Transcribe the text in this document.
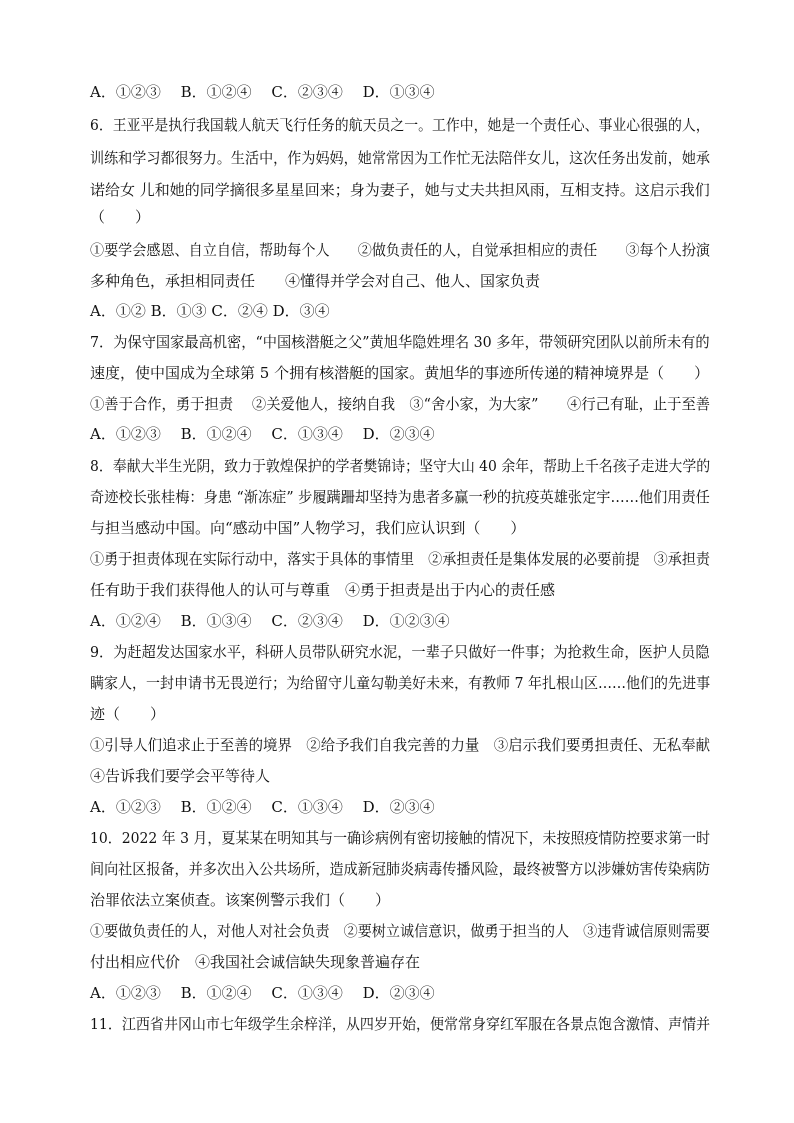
A．①②③　 B．①②④　 C．②③④　 D．①③④
6．王亚平是执行我国载人航天飞行任务的航天员之一。工作中，她是一个责任心、事业心很强的人，
训练和学习都很努力。生活中，作为妈妈，她常常因为工作忙无法陪伴女儿，这次任务出发前，她承
诺给女 儿和她的同学摘很多星星回来；身为妻子，她与丈夫共担风雨，互相支持。这启示我们
（　　）
①要学会感恩、自立自信，帮助每个人　　②做负责任的人，自觉承担相应的责任　　③每个人扮演
多种角色，承担相同责任　　④懂得并学会对自己、他人、国家负责
A．①② B．①③ C．②④ D．③④
7．为保守国家最高机密，“中国核潜艇之父”黄旭华隐姓埋名 30 多年，带领研究团队以前所未有的
速度，使中国成为全球第 5 个拥有核潜艇的国家。黄旭华的事迹所传递的精神境界是（　　）
①善于合作，勇于担责　 ②关爱他人，接纳自我　③“舍小家，为大家”　　④行己有耻，止于至善
A．①②③　 B．①②④　 C．①③④　 D．②③④
8．奉献大半生光阴，致力于敦煌保护的学者樊锦诗；坚守大山 40 余年，帮助上千名孩子走进大学的
奇迹校长张桂梅：身患 “渐冻症” 步履蹒跚却坚持为患者多赢一秒的抗疫英雄张定宇……他们用责任
与担当感动中国。向“感动中国”人物学习，我们应认识到（　　）
①勇于担责体现在实际行动中，落实于具体的事情里　②承担责任是集体发展的必要前提　③承担责
任有助于我们获得他人的认可与尊重　④勇于担责是出于内心的责任感
A．①②④　 B．①③④　 C．②③④　 D．①②③④
9．为赶超发达国家水平，科研人员带队研究水泥，一辈子只做好一件事；为抢救生命，医护人员隐
瞒家人，一封申请书无畏逆行；为给留守儿童勾勒美好未来，有教师 7 年扎根山区……他们的先进事
迹（　　）
①引导人们追求止于至善的境界　②给予我们自我完善的力量　③启示我们要勇担责任、无私奉献
④告诉我们要学会平等待人
A．①②③　 B．①②④　 C．①③④　 D．②③④
10．2022 年 3 月，夏某某在明知其与一确诊病例有密切接触的情况下，未按照疫情防控要求第一时
间向社区报备，并多次出入公共场所，造成新冠肺炎病毒传播风险，最终被警方以涉嫌妨害传染病防
治罪依法立案侦查。该案例警示我们（　　）
①要做负责任的人，对他人对社会负责　②要树立诚信意识，做勇于担当的人　③违背诚信原则需要
付出相应代价　④我国社会诚信缺失现象普遍存在
A．①②③　 B．①②④　 C．①③④　 D．②③④
11．江西省井冈山市七年级学生余梓洋，从四岁开始，便常常身穿红军服在各景点饱含激情、声情并
